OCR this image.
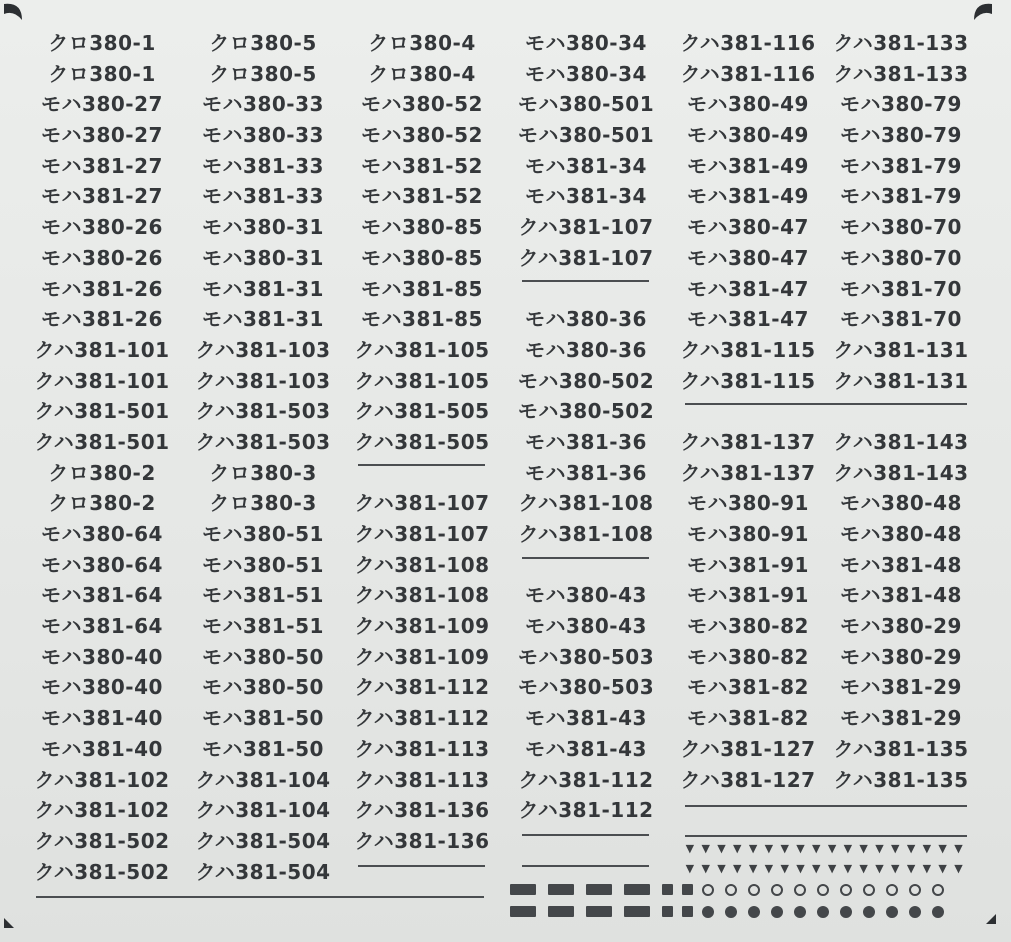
クロ380-1
クロ380-1
モハ380-27
モハ380-27
モハ381-27
モハ381-27
モハ380-26
モハ380-26
モハ381-26
モハ381-26
クハ381-101
クハ381-101
クハ381-501
クハ381-501
クロ380-2
クロ380-2
モハ380-64
モハ380-64
モハ381-64
モハ381-64
モハ380-40
モハ380-40
モハ381-40
モハ381-40
クハ381-102
クハ381-102
クハ381-502
クハ381-502
クロ380-5
クロ380-5
モハ380-33
モハ380-33
モハ381-33
モハ381-33
モハ380-31
モハ380-31
モハ381-31
モハ381-31
クハ381-103
クハ381-103
クハ381-503
クハ381-503
クロ380-3
クロ380-3
モハ380-51
モハ380-51
モハ381-51
モハ381-51
モハ380-50
モハ380-50
モハ381-50
モハ381-50
クハ381-104
クハ381-104
クハ381-504
クハ381-504
クロ380-4
クロ380-4
モハ380-52
モハ380-52
モハ381-52
モハ381-52
モハ380-85
モハ380-85
モハ381-85
モハ381-85
クハ381-105
クハ381-105
クハ381-505
クハ381-505
クハ381-107
クハ381-107
クハ381-108
クハ381-108
クハ381-109
クハ381-109
クハ381-112
クハ381-112
クハ381-113
クハ381-113
クハ381-136
クハ381-136
モハ380-34
モハ380-34
モハ380-501
モハ380-501
モハ381-34
モハ381-34
クハ381-107
クハ381-107
モハ380-36
モハ380-36
モハ380-502
モハ380-502
モハ381-36
モハ381-36
クハ381-108
クハ381-108
モハ380-43
モハ380-43
モハ380-503
モハ380-503
モハ381-43
モハ381-43
クハ381-112
クハ381-112
クハ381-116
クハ381-116
モハ380-49
モハ380-49
モハ381-49
モハ381-49
モハ380-47
モハ380-47
モハ381-47
モハ381-47
クハ381-115
クハ381-115
クハ381-137
クハ381-137
モハ380-91
モハ380-91
モハ381-91
モハ381-91
モハ380-82
モハ380-82
モハ381-82
モハ381-82
クハ381-127
クハ381-127
クハ381-133
クハ381-133
モハ380-79
モハ380-79
モハ381-79
モハ381-79
モハ380-70
モハ380-70
モハ381-70
モハ381-70
クハ381-131
クハ381-131
クハ381-143
クハ381-143
モハ380-48
モハ380-48
モハ381-48
モハ381-48
モハ380-29
モハ380-29
モハ381-29
モハ381-29
クハ381-135
クハ381-135
▼ ▼ ▼ ▼ ▼ ▼ ▼ ▼ ▼ ▼ ▼ ▼ ▼ ▼ ▼ ▼ ▼ ▼
▼ ▼ ▼ ▼ ▼ ▼ ▼ ▼ ▼ ▼ ▼ ▼ ▼ ▼ ▼ ▼ ▼ ▼
